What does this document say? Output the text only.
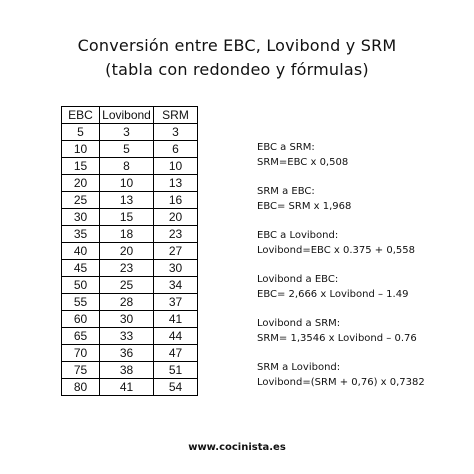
Conversión entre EBC, Lovibond y SRM
(tabla con redondeo y fórmulas)
EBC	Lovibond	SRM
5	3	3
10	5	6
15	8	10
20	10	13
25	13	16
30	15	20
35	18	23
40	20	27
45	23	30
50	25	34
55	28	37
60	30	41
65	33	44
70	36	47
75	38	51
80	41	54
EBC a SRM:
SRM=EBC x 0,508
SRM a EBC:
EBC= SRM x 1,968
EBC a Lovibond:
Lovibond=EBC x 0.375 + 0,558
Lovibond a EBC:
EBC= 2,666 x Lovibond – 1.49
Lovibond a SRM:
SRM= 1,3546 x Lovibond – 0.76
SRM a Lovibond:
Lovibond=(SRM + 0,76) x 0,7382
www.cocinista.es
